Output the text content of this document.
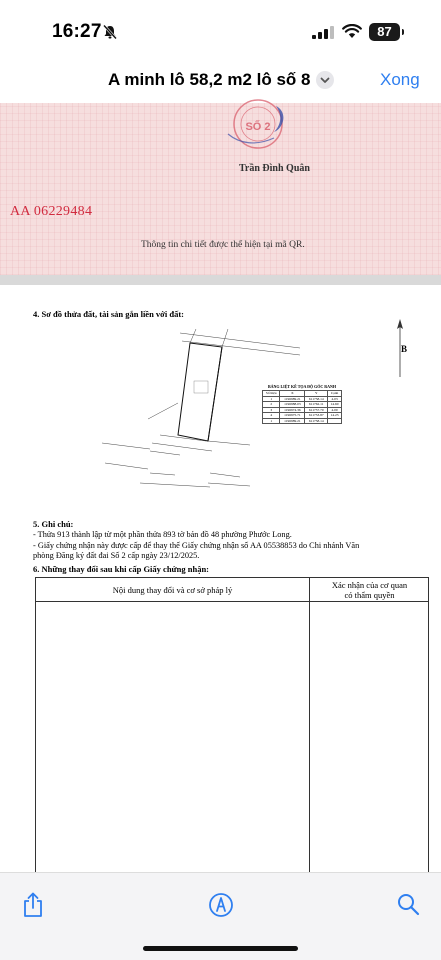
16:27	87
A minh lô 58,2 m2 lô số 8	Xong
SỐ 2
Trần Đình Quân
AA 06229484
Thông tin chi tiết được thể hiện tại mã QR.
4. Sơ đồ thửa đất, tài sản gắn liền với đất:
B
BẢNG LIỆT KÊ TỌA ĐỘ GÓC RANH
Số hiệu	X	Y	Cạnh
1	1196989.21	611758.14	4.03
2	1196988.03	611762.11	14.60
3	1196974.36	611757.70	4.00
4	1196975.71	611753.87	14.23
1	1196989.21	611758.14	
5. Ghi chú:
- Thửa 913 thành lập từ một phần thửa 893 tờ bản đồ 48 phường Phước Long.
- Giấy chứng nhận này được cấp để thay thế Giấy chứng nhận số AA 05538853 do Chi nhánh Văn
phòng Đăng ký đất đai Số 2 cấp ngày 23/12/2025.
6. Những thay đổi sau khi cấp Giấy chứng nhận:
Nội dung thay đổi và cơ sở pháp lý	Xác nhận của cơ quan
có thẩm quyền
